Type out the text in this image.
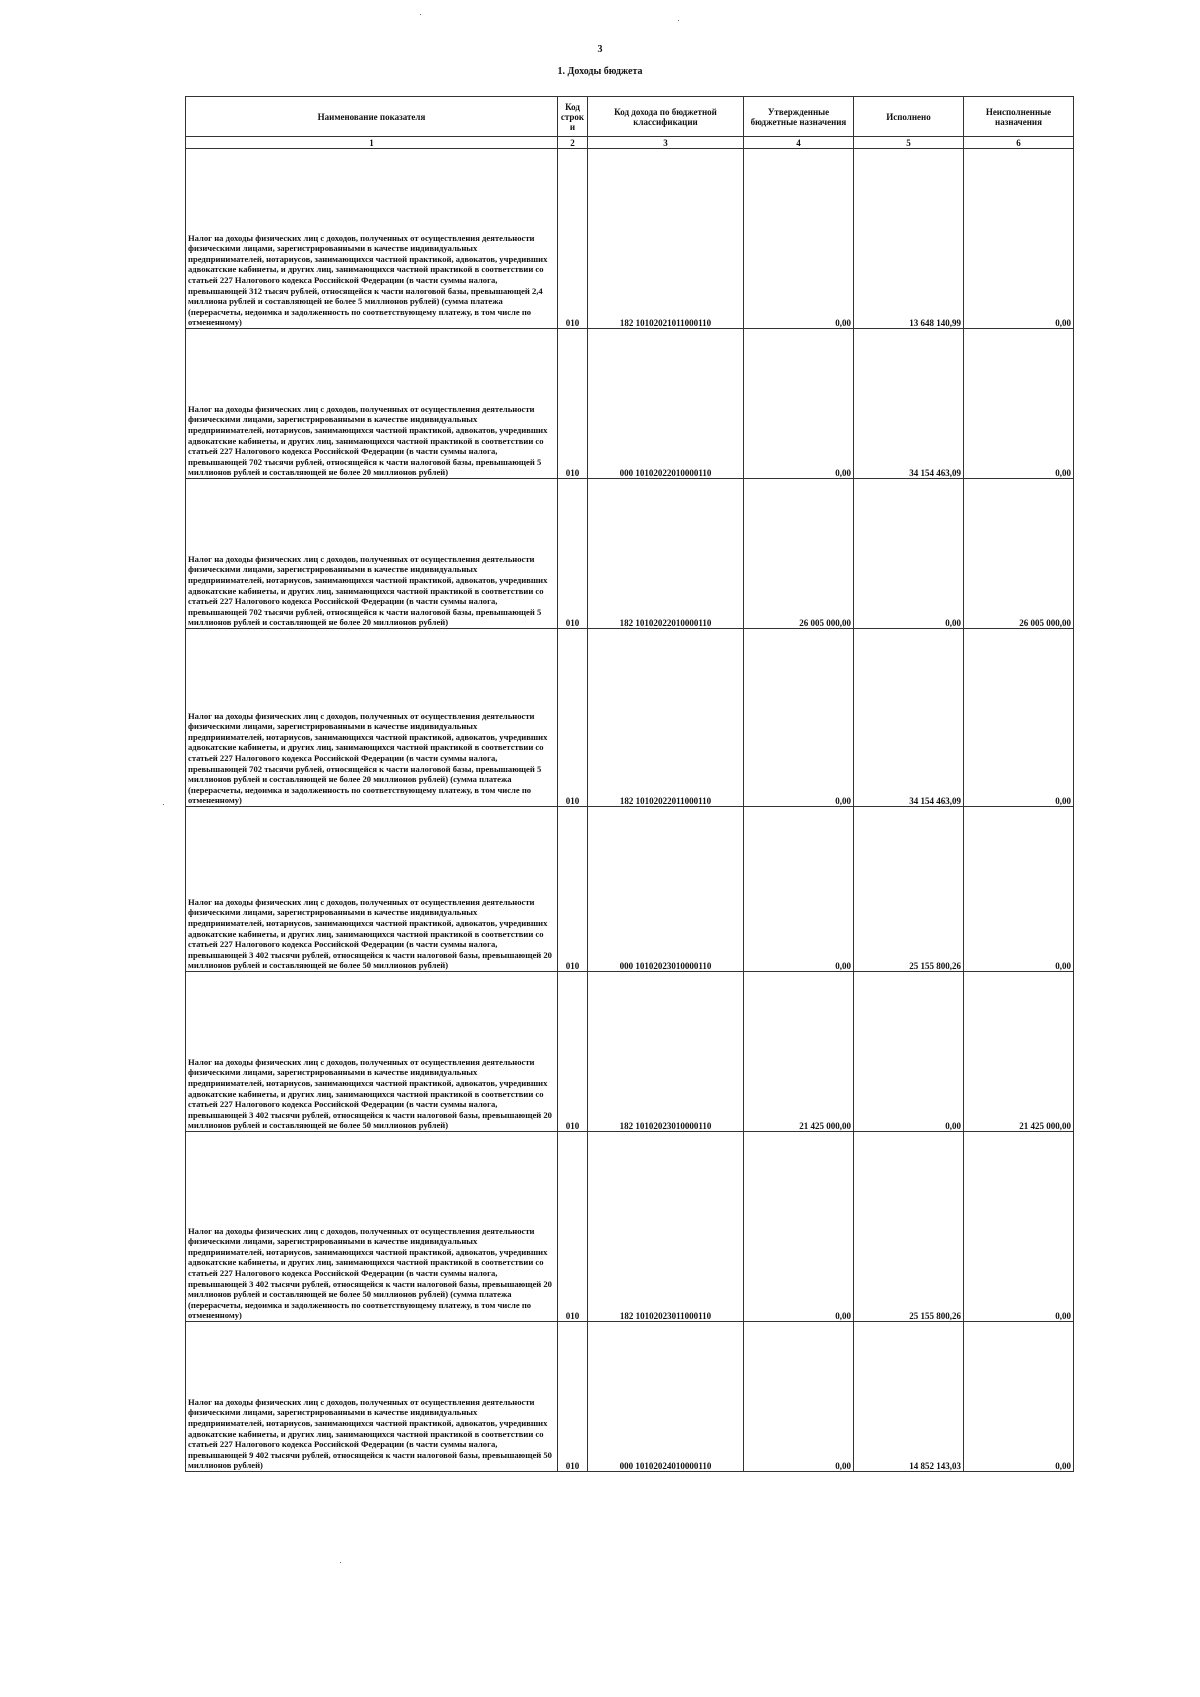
3
1. Доходы бюджета
Наименование показателя	Код строк и	Код дохода по бюджетной классификации	Утвержденные бюджетные назначения	Исполнено	Неисполненные назначения
1	2	3	4	5	6
Налог на доходы физических лиц с доходов, полученных от осуществления деятельности физическими лицами, зарегистрированными в качестве индивидуальных предпринимателей, нотариусов, занимающихся частной практикой, адвокатов, учредивших адвокатские кабинеты, и других лиц, занимающихся частной практикой в соответствии со статьей 227 Налогового кодекса Российской Федерации (в части суммы налога, превышающей 312 тысяч рублей, относящейся к части налоговой базы, превышающей 2,4 миллиона рублей и составляющей не более 5 миллионов рублей) (сумма платежа (перерасчеты, недоимка и задолженность по соответствующему платежу, в том числе по отмененному)	010	182 10102021011000110	0,00	13 648 140,99	0,00
Налог на доходы физических лиц с доходов, полученных от осуществления деятельности физическими лицами, зарегистрированными в качестве индивидуальных предпринимателей, нотариусов, занимающихся частной практикой, адвокатов, учредивших адвокатские кабинеты, и других лиц, занимающихся частной практикой в соответствии со статьей 227 Налогового кодекса Российской Федерации (в части суммы налога, превышающей 702 тысячи рублей, относящейся к части налоговой базы, превышающей 5 миллионов рублей и составляющей не более 20 миллионов рублей)	010	000 10102022010000110	0,00	34 154 463,09	0,00
Налог на доходы физических лиц с доходов, полученных от осуществления деятельности физическими лицами, зарегистрированными в качестве индивидуальных предпринимателей, нотариусов, занимающихся частной практикой, адвокатов, учредивших адвокатские кабинеты, и других лиц, занимающихся частной практикой в соответствии со статьей 227 Налогового кодекса Российской Федерации (в части суммы налога, превышающей 702 тысячи рублей, относящейся к части налоговой базы, превышающей 5 миллионов рублей и составляющей не более 20 миллионов рублей)	010	182 10102022010000110	26 005 000,00	0,00	26 005 000,00
Налог на доходы физических лиц с доходов, полученных от осуществления деятельности физическими лицами, зарегистрированными в качестве индивидуальных предпринимателей, нотариусов, занимающихся частной практикой, адвокатов, учредивших адвокатские кабинеты, и других лиц, занимающихся частной практикой в соответствии со статьей 227 Налогового кодекса Российской Федерации (в части суммы налога, превышающей 702 тысячи рублей, относящейся к части налоговой базы, превышающей 5 миллионов рублей и составляющей не более 20 миллионов рублей) (сумма платежа (перерасчеты, недоимка и задолженность по соответствующему платежу, в том числе по отмененному)	010	182 10102022011000110	0,00	34 154 463,09	0,00
Налог на доходы физических лиц с доходов, полученных от осуществления деятельности физическими лицами, зарегистрированными в качестве индивидуальных предпринимателей, нотариусов, занимающихся частной практикой, адвокатов, учредивших адвокатские кабинеты, и других лиц, занимающихся частной практикой в соответствии со статьей 227 Налогового кодекса Российской Федерации (в части суммы налога, превышающей 3 402 тысячи рублей, относящейся к части налоговой базы, превышающей 20 миллионов рублей и составляющей не более 50 миллионов рублей)	010	000 10102023010000110	0,00	25 155 800,26	0,00
Налог на доходы физических лиц с доходов, полученных от осуществления деятельности физическими лицами, зарегистрированными в качестве индивидуальных предпринимателей, нотариусов, занимающихся частной практикой, адвокатов, учредивших адвокатские кабинеты, и других лиц, занимающихся частной практикой в соответствии со статьей 227 Налогового кодекса Российской Федерации (в части суммы налога, превышающей 3 402 тысячи рублей, относящейся к части налоговой базы, превышающей 20 миллионов рублей и составляющей не более 50 миллионов рублей)	010	182 10102023010000110	21 425 000,00	0,00	21 425 000,00
Налог на доходы физических лиц с доходов, полученных от осуществления деятельности физическими лицами, зарегистрированными в качестве индивидуальных предпринимателей, нотариусов, занимающихся частной практикой, адвокатов, учредивших адвокатские кабинеты, и других лиц, занимающихся частной практикой в соответствии со статьей 227 Налогового кодекса Российской Федерации (в части суммы налога, превышающей 3 402 тысячи рублей, относящейся к части налоговой базы, превышающей 20 миллионов рублей и составляющей не более 50 миллионов рублей) (сумма платежа (перерасчеты, недоимка и задолженность по соответствующему платежу, в том числе по отмененному)	010	182 10102023011000110	0,00	25 155 800,26	0,00
Налог на доходы физических лиц с доходов, полученных от осуществления деятельности физическими лицами, зарегистрированными в качестве индивидуальных предпринимателей, нотариусов, занимающихся частной практикой, адвокатов, учредивших адвокатские кабинеты, и других лиц, занимающихся частной практикой в соответствии со статьей 227 Налогового кодекса Российской Федерации (в части суммы налога, превышающей 9 402 тысячи рублей, относящейся к части налоговой базы, превышающей 50 миллионов рублей)	010	000 10102024010000110	0,00	14 852 143,03	0,00
